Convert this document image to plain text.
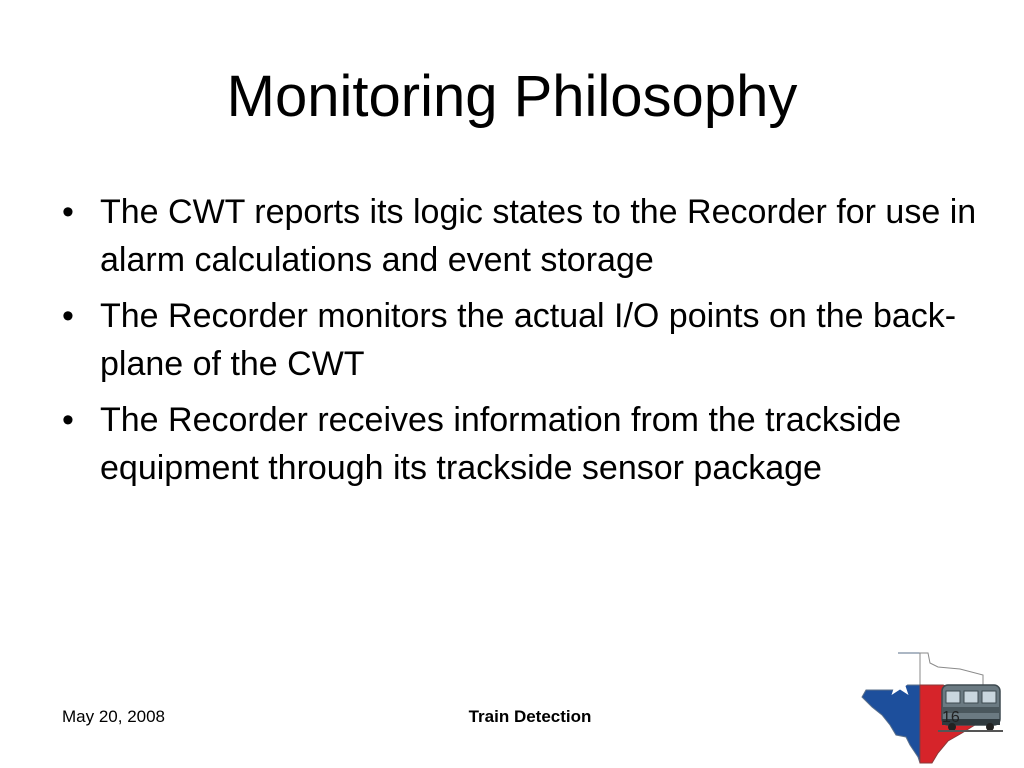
Monitoring Philosophy
• The CWT reports its logic states to the Recorder for use in alarm calculations and event storage
• The Recorder monitors the actual I/O points on the back-plane of the CWT
• The Recorder receives information from the trackside equipment through its trackside sensor package
May 20, 2008	Train Detection	16
